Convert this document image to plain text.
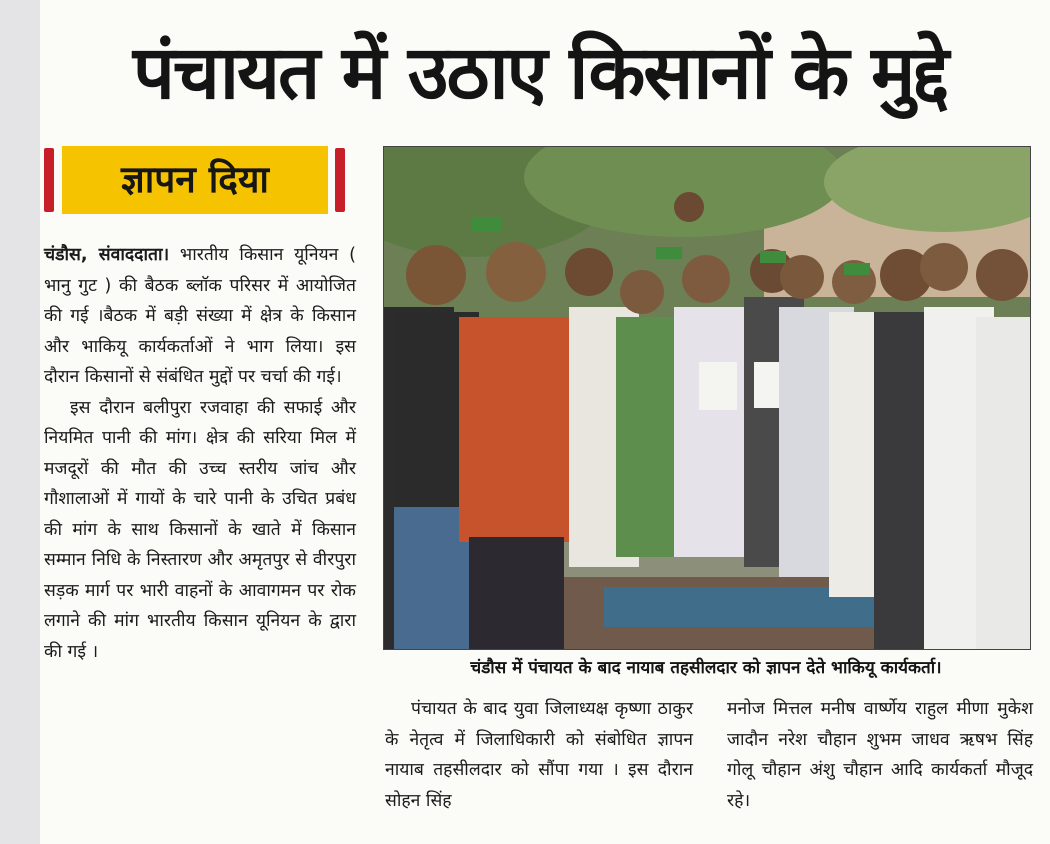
पंचायत में उठाए किसानों के मुद्दे
ज्ञापन दिया

चंडौस, संवाददाता। भारतीय किसान यूनियन ( भानु गुट ) की बैठक ब्लॉक परिसर में आयोजित की गई ।बैठक में बड़ी संख्या में क्षेत्र के किसान और भाकियू कार्यकर्ताओं ने भाग लिया। इस दौरान किसानों से संबंधित मुद्दों पर चर्चा की गई।

इस दौरान बलीपुरा रजवाहा की सफाई और नियमित पानी की मांग। क्षेत्र की सरिया मिल में मजदूरों की मौत की उच्च स्तरीय जांच और गौशालाओं में गायों के चारे पानी के उचित प्रबंध की मांग के साथ किसानों के खाते में किसान सम्मान निधि के निस्तारण और अमृतपुर से वीरपुरा सड़क मार्ग पर भारी वाहनों के आवागमन पर रोक लगाने की मांग भारतीय किसान यूनियन के द्वारा की गई ।

चंडौस में पंचायत के बाद नायाब तहसीलदार को ज्ञापन देते भाकियू कार्यकर्ता।

पंचायत के बाद युवा जिलाध्यक्ष कृष्णा ठाकुर के नेतृत्व में जिलाधिकारी को संबोधित ज्ञापन नायाब तहसीलदार को सौंपा गया । इस दौरान सोहन सिंह

मनोज मित्तल मनीष वार्ष्णेय राहुल मीणा मुकेश जादौन नरेश चौहान शुभम जाधव ऋषभ सिंह गोलू चौहान अंशु चौहान आदि कार्यकर्ता मौजूद रहे।
